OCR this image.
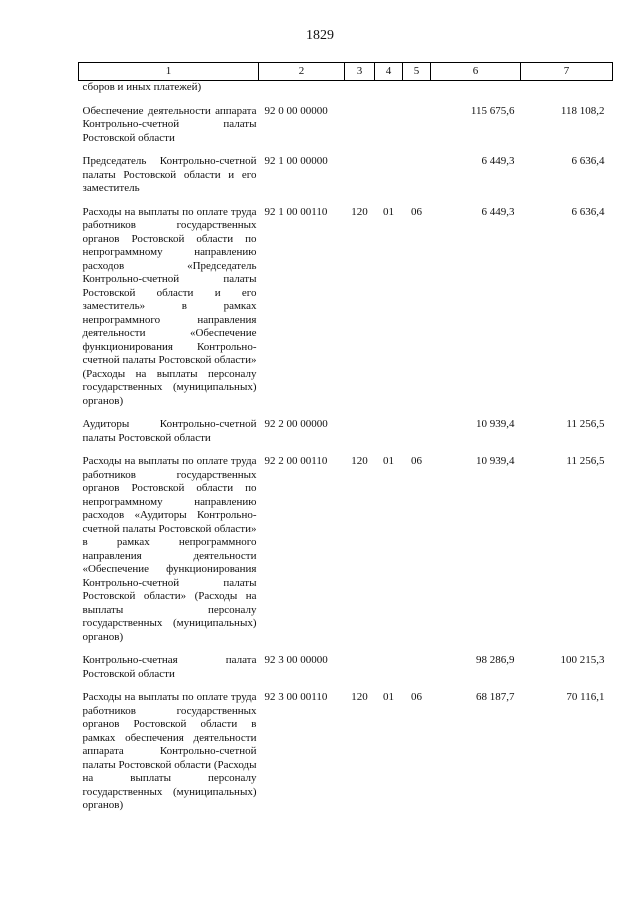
1829
1	2	3	4	5	6	7
сборов и иных платежей)						
Обеспечение деятельности аппарата Контрольно-счетной палаты Ростовской области	92 0 00 00000				115 675,6	118 108,2
Председатель Контрольно-счетной палаты Ростовской области и его заместитель	92 1 00 00000				6 449,3	6 636,4
Расходы на выплаты по оплате труда работников государственных органов Ростовской области по непрограммному направлению расходов «Председатель Контрольно-счетной палаты Ростовской области и его заместитель» в рамках непрограммного направления деятельности «Обеспечение функционирования Контрольно-счетной палаты Ростовской области» (Расходы на выплаты персоналу государственных (муниципальных) органов)	92 1 00 00110	120	01	06	6 449,3	6 636,4
Аудиторы Контрольно-счетной палаты Ростовской области	92 2 00 00000				10 939,4	11 256,5
Расходы на выплаты по оплате труда работников государственных органов Ростовской области по непрограммному направлению расходов «Аудиторы Контрольно-счетной палаты Ростовской области» в рамках непрограммного направления деятельности «Обеспечение функционирования Контрольно-счетной палаты Ростовской области» (Расходы на выплаты персоналу государственных (муниципальных) органов)	92 2 00 00110	120	01	06	10 939,4	11 256,5
Контрольно-счетная палата Ростовской области	92 3 00 00000				98 286,9	100 215,3
Расходы на выплаты по оплате труда работников государственных органов Ростовской области в рамках обеспечения деятельности аппарата Контрольно-счетной палаты Ростовской области (Расходы на выплаты персоналу государственных (муниципальных) органов)	92 3 00 00110	120	01	06	68 187,7	70 116,1
